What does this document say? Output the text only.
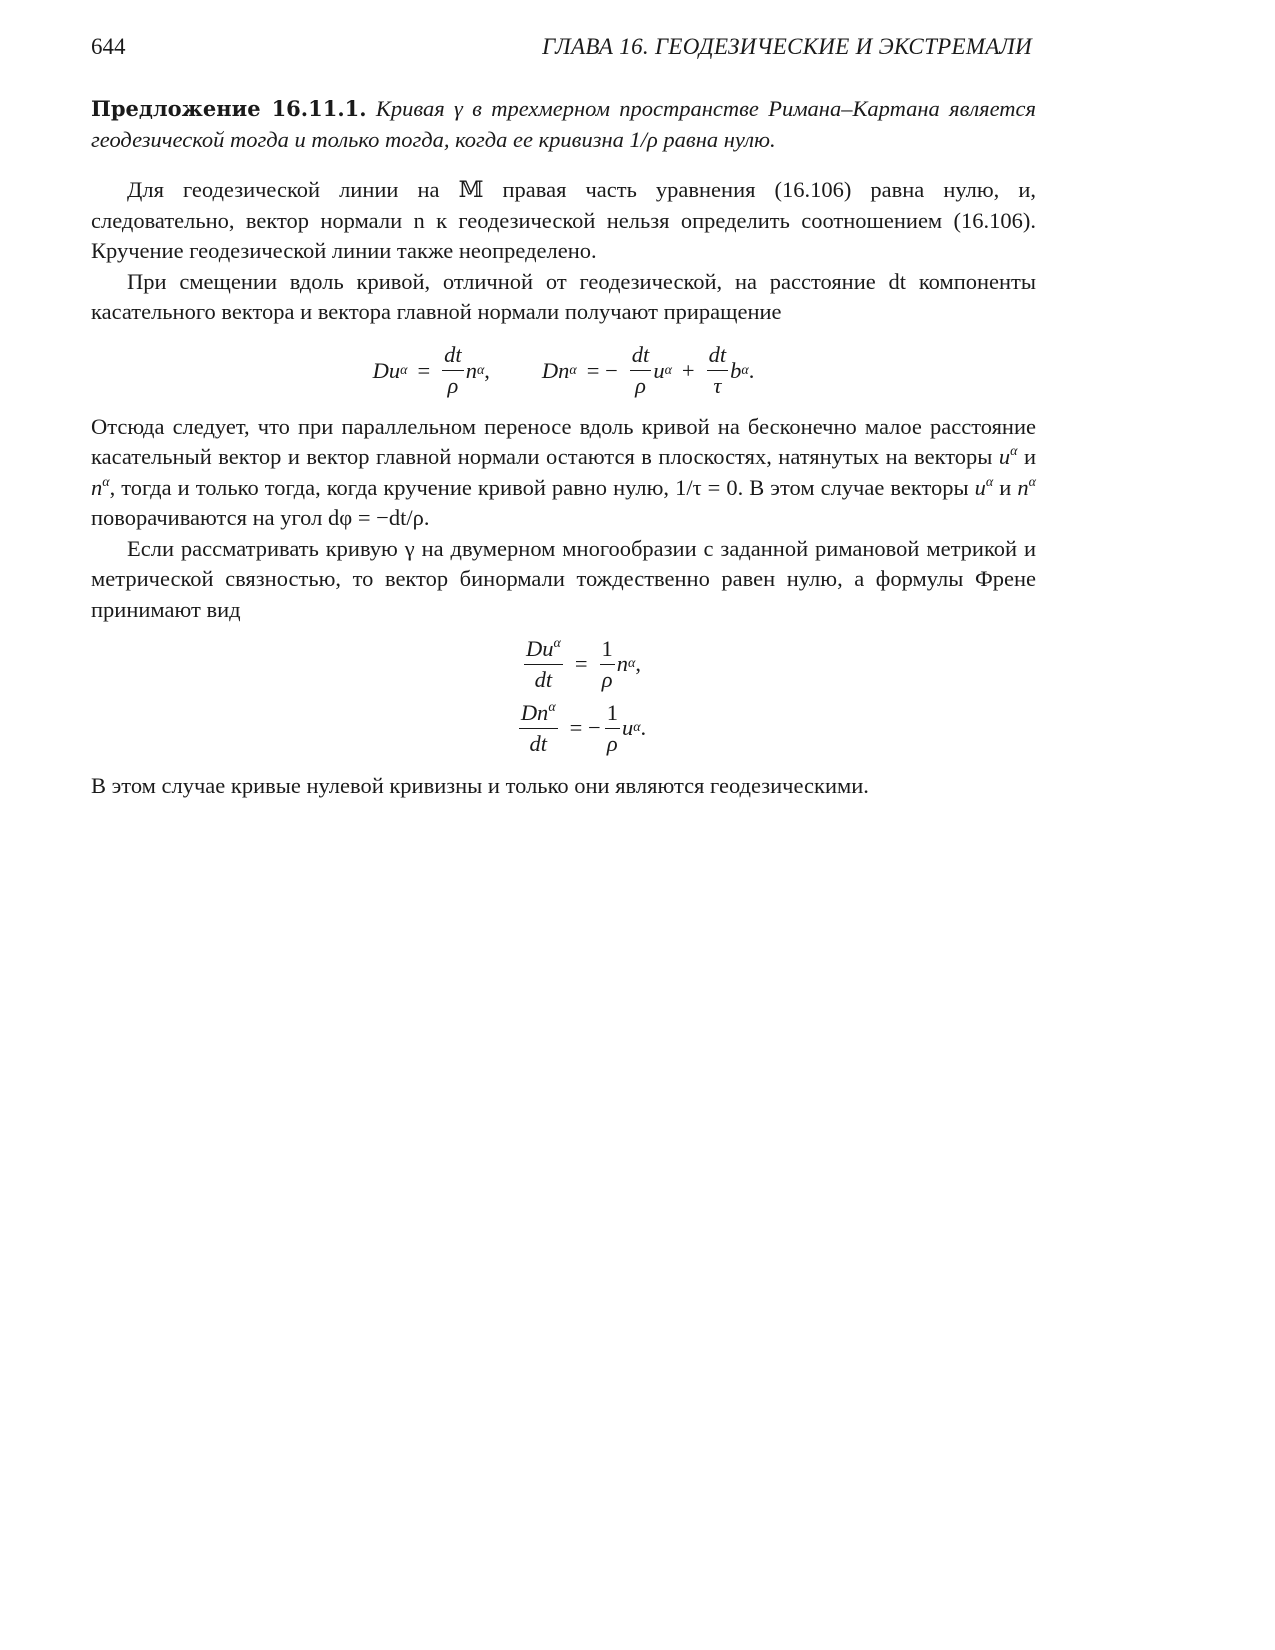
644	ГЛАВА 16. ГЕОДЕЗИЧЕСКИЕ И ЭКСТРЕМАЛИ

Предложение 16.11.1. Кривая γ в трехмерном пространстве Римана–Картана является геодезической тогда и только тогда, когда ее кривизна 1/ρ равна нулю.

Для геодезической линии на 𝕄 правая часть уравнения (16.106) равна нулю, и, следовательно, вектор нормали n к геодезической нельзя определить соотношением (16.106). Кручение геодезической линии также неопределено.

При смещении вдоль кривой, отличной от геодезической, на расстояние dt компоненты касательного вектора и вектора главной нормали получают приращение

Du $\alpha = \frac{dt}{\rho}$ n α , Dn α = − $\frac{dt}{\rho}$ u $\alpha + \frac{dt}{\tau}$ b α .

Отсюда следует, что при параллельном переносе вдоль кривой на бесконечно малое расстояние касательный вектор и вектор главной нормали остаются в плоскостях, натянутых на векторы $u^\alpha$ и $n^\alpha$, тогда и только тогда, когда кручение кривой равно нулю, 1/τ = 0. В этом случае векторы $u^\alpha$ и $n^\alpha$ поворачиваются на угол dφ = −dt/ρ.

Если рассматривать кривую γ на двумерном многообразии с заданной римановой метрикой и метрической связностью, то вектор бинормали тождественно равен нулю, а формулы Френе принимают вид

$\frac{Du^\alpha}{dt} = \frac{1}{\rho}$ n α ,
$\frac{Dn^\alpha}{dt}$ = − $\frac{1}{\rho}$ u α .

В этом случае кривые нулевой кривизны и только они являются геодезическими.
